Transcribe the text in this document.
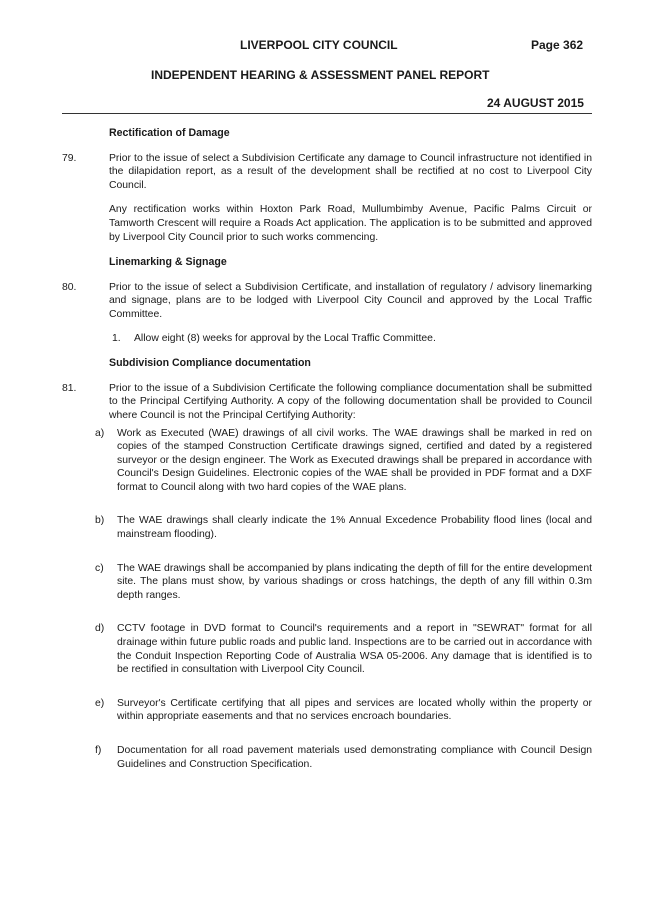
LIVERPOOL CITY COUNCIL	Page 362
INDEPENDENT HEARING & ASSESSMENT PANEL REPORT
24 AUGUST 2015

Rectification of Damage

79.	Prior to the issue of select a Subdivision Certificate any damage to Council infrastructure not identified in the dilapidation report, as a result of the development shall be rectified at no cost to Liverpool City Council.

Any rectification works within Hoxton Park Road, Mullumbimby Avenue, Pacific Palms Circuit or Tamworth Crescent will require a Roads Act application. The application is to be submitted and approved by Liverpool City Council prior to such works commencing.

Linemarking & Signage

80.	Prior to the issue of select a Subdivision Certificate, and installation of regulatory / advisory linemarking and signage, plans are to be lodged with Liverpool City Council and approved by the Local Traffic Committee.

1. Allow eight (8) weeks for approval by the Local Traffic Committee.

Subdivision Compliance documentation

81.	Prior to the issue of a Subdivision Certificate the following compliance documentation shall be submitted to the Principal Certifying Authority. A copy of the following documentation shall be provided to Council where Council is not the Principal Certifying Authority:

a) Work as Executed (WAE) drawings of all civil works. The WAE drawings shall be marked in red on copies of the stamped Construction Certificate drawings signed, certified and dated by a registered surveyor or the design engineer. The Work as Executed drawings shall be prepared in accordance with Council's Design Guidelines. Electronic copies of the WAE shall be provided in PDF format and a DXF format to Council along with two hard copies of the WAE plans.

b) The WAE drawings shall clearly indicate the 1% Annual Excedence Probability flood lines (local and mainstream flooding).

c) The WAE drawings shall be accompanied by plans indicating the depth of fill for the entire development site. The plans must show, by various shadings or cross hatchings, the depth of any fill within 0.3m depth ranges.

d) CCTV footage in DVD format to Council's requirements and a report in "SEWRAT" format for all drainage within future public roads and public land. Inspections are to be carried out in accordance with the Conduit Inspection Reporting Code of Australia WSA 05-2006. Any damage that is identified is to be rectified in consultation with Liverpool City Council.

e) Surveyor's Certificate certifying that all pipes and services are located wholly within the property or within appropriate easements and that no services encroach boundaries.

f) Documentation for all road pavement materials used demonstrating compliance with Council Design Guidelines and Construction Specification.
